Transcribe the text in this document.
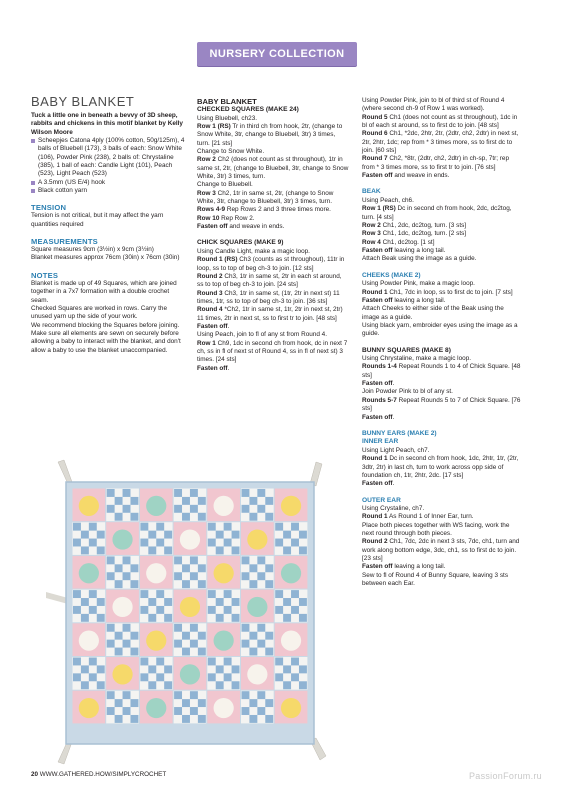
NURSERY COLLECTION
BABY BLANKET
Tuck a little one in beneath a bevvy of 3D sheep, rabbits and chickens in this motif blanket by Kelly Wilson Moore
Scheepjes Catona 4ply (100% cotton, 50g/125m), 4 balls of Bluebell (173), 3 balls of each: Snow White (106), Powder Pink (238), 2 balls of: Chrystaline (385), 1 ball of each: Candle Light (101), Peach (523), Light Peach (523)
A 3.5mm (US E/4) hook
Black cotton yarn
TENSION
Tension is not critical, but it may affect the yarn quantities required
MEASUREMENTS
Square measures 9cm (3½in) x 9cm (3½in)
Blanket measures approx 76cm (30in) x 76cm (30in)
NOTES
Blanket is made up of 49 Squares, which are joined together in a 7x7 formation with a double crochet seam.
Checked Squares are worked in rows. Carry the unused yarn up the side of your work.
We recommend blocking the Squares before joining.
Make sure all elements are sewn on securely before allowing a baby to interact with the blanket, and don't allow a baby to use the blanket unaccompanied.
BABY BLANKET
CHECKED SQUARES (MAKE 24)
Using Bluebell, ch23.
Row 1 (RS) Tr in third ch from hook, 2tr, (change to Snow White, 3tr, change to Bluebell, 3tr) 3 times, turn. [21 sts]
Change to Snow White.
Row 2 Ch2 (does not count as st throughout), 1tr in same st, 2tr, (change to Bluebell, 3tr, change to Snow White, 3tr) 3 times, turn.
Change to Bluebell.
Row 3 Ch2, 1tr in same st, 2tr, (change to Snow White, 3tr, change to Bluebell, 3tr) 3 times, turn.
Rows 4-9 Rep Rows 2 and 3 three times more.
Row 10 Rep Row 2.
Fasten off and weave in ends.
CHICK SQUARES (MAKE 9)
Using Candle Light, make a magic loop.
Round 1 (RS) Ch3 (counts as st throughout), 11tr in loop, ss to top of beg ch-3 to join. [12 sts]
Round 2 Ch3, 1tr in same st, 2tr in each st around, ss to top of beg ch-3 to join. [24 sts]
Round 3 Ch3, 1tr in same st, (1tr, 2tr in next st) 11 times, 1tr, ss to top of beg ch-3 to join. [36 sts]
Round 4 *Ch2, 1tr in same st, 1tr, 2tr in next st, 2tr) 11 times, 2tr in next st, ss to first tr to join. [48 sts]
Fasten off.
Using Peach, join to fl of any st from Round 4.
Row 1 Ch9, 1dc in second ch from hook, dc in next 7 ch, ss in fl of next st of Round 4, ss in fl of next st) 3 times. [24 sts]
Fasten off.
Using Powder Pink, join to bl of third st of Round 4 (where second ch-9 of Row 1 was worked).
Round 5 Ch1 (does not count as st throughout), 1dc in bl of each st around, ss to first dc to join. [48 sts]
Round 6 Ch1, *2dc, 2htr, 2tr, (2dtr, ch2, 2dtr) in next st, 2tr, 2htr, 1dc; rep from * 3 times more, ss to first dc to join. [60 sts]
Round 7 Ch2, *8tr, (2dtr, ch2, 2dtr) in ch-sp, 7tr; rep from * 3 times more, ss to first tr to join. [76 sts]
Fasten off and weave in ends.
BEAK
Using Peach, ch6.
Row 1 (RS) Dc in second ch from hook, 2dc, dc2tog, turn. [4 sts]
Row 2 Ch1, 2dc, dc2tog, turn. [3 sts]
Row 3 Ch1, 1dc, dc2tog, turn. [2 sts]
Row 4 Ch1, dc2tog. [1 st]
Fasten off leaving a long tail.
Attach Beak using the image as a guide.
CHEEKS (MAKE 2)
Using Powder Pink, make a magic loop.
Round 1 Ch1, 7dc in loop, ss to first dc to join. [7 sts]
Fasten off leaving a long tail.
Attach Cheeks to either side of the Beak using the image as a guide.
Using black yarn, embroider eyes using the image as a guide.
BUNNY SQUARES (MAKE 8)
Using Chrystaline, make a magic loop.
Rounds 1-4 Repeat Rounds 1 to 4 of Chick Square. [48 sts]
Fasten off.
Join Powder Pink to bl of any st.
Rounds 5-7 Repeat Rounds 5 to 7 of Chick Square. [76 sts]
Fasten off.
BUNNY EARS (MAKE 2)
INNER EAR
Using Light Peach, ch7.
Round 1 Dc in second ch from hook, 1dc, 2htr, 1tr, (2tr, 3dtr, 2tr) in last ch, turn to work across opp side of foundation ch, 1tr, 2htr, 2dc. [17 sts]
Fasten off.
OUTER EAR
Using Crystaline, ch7.
Round 1 As Round 1 of Inner Ear, turn.
Place both pieces together with WS facing, work the next round through both pieces.
Round 2 Ch1, 7dc, 2dc in next 3 sts, 7dc, ch1, turn and work along bottom edge, 3dc, ch1, ss to first dc to join. [23 sts]
Fasten off leaving a long tail.
Sew to fl of Round 4 of Bunny Square, leaving 3 sts between each Ear.
20 WWW.GATHERED.HOW/SIMPLYCROCHET	PassionForum.ru
